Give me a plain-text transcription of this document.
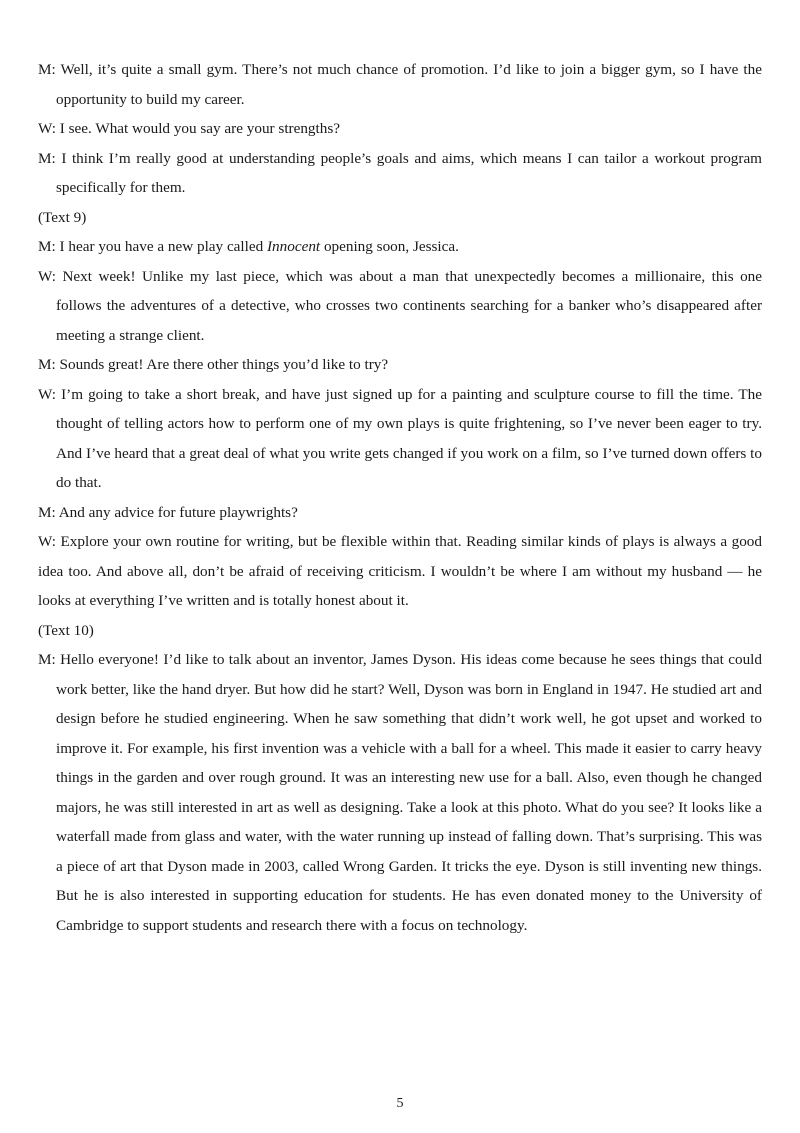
M: Well, it’s quite a small gym. There’s not much chance of promotion. I’d like to join a bigger gym, so I have the opportunity to build my career.

W: I see. What would you say are your strengths?

M: I think I’m really good at understanding people’s goals and aims, which means I can tailor a workout program specifically for them.

(Text 9)

M: I hear you have a new play called Innocent opening soon, Jessica.

W: Next week! Unlike my last piece, which was about a man that unexpectedly becomes a millionaire, this one follows the adventures of a detective, who crosses two continents searching for a banker who’s disappeared after meeting a strange client.

M: Sounds great! Are there other things you’d like to try?

W: I’m going to take a short break, and have just signed up for a painting and sculpture course to fill the time. The thought of telling actors how to perform one of my own plays is quite frightening, so I’ve never been eager to try. And I’ve heard that a great deal of what you write gets changed if you work on a film, so I’ve turned down offers to do that.

M: And any advice for future playwrights?

W: Explore your own routine for writing, but be flexible within that. Reading similar kinds of plays is always a good idea too. And above all, don’t be afraid of receiving criticism. I wouldn’t be where I am without my husband — he looks at everything I’ve written and is totally honest about it.

(Text 10)

M: Hello everyone! I’d like to talk about an inventor, James Dyson. His ideas come because he sees things that could work better, like the hand dryer. But how did he start? Well, Dyson was born in England in 1947. He studied art and design before he studied engineering. When he saw something that didn’t work well, he got upset and worked to improve it. For example, his first invention was a vehicle with a ball for a wheel. This made it easier to carry heavy things in the garden and over rough ground. It was an interesting new use for a ball. Also, even though he changed majors, he was still interested in art as well as designing. Take a look at this photo. What do you see? It looks like a waterfall made from glass and water, with the water running up instead of falling down. That’s surprising. This was a piece of art that Dyson made in 2003, called Wrong Garden. It tricks the eye. Dyson is still inventing new things. But he is also interested in supporting education for students. He has even donated money to the University of Cambridge to support students and research there with a focus on technology.

5
